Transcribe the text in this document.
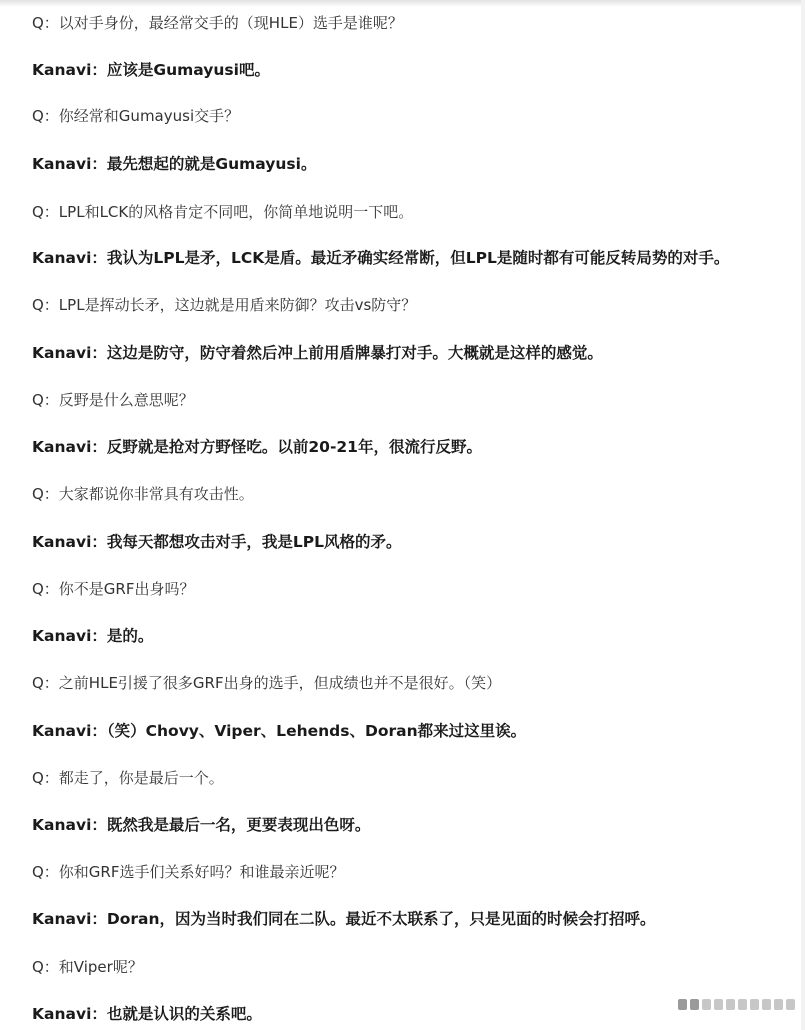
Q：以对手身份，最经常交手的（现HLE）选手是谁呢？
Kanavi：应该是Gumayusi吧。
Q：你经常和Gumayusi交手？
Kanavi：最先想起的就是Gumayusi。
Q：LPL和LCK的风格肯定不同吧，你简单地说明一下吧。
Kanavi：我认为LPL是矛，LCK是盾。最近矛确实经常断，但LPL是随时都有可能反转局势的对手。
Q：LPL是挥动长矛，这边就是用盾来防御？攻击vs防守？
Kanavi：这边是防守，防守着然后冲上前用盾牌暴打对手。大概就是这样的感觉。
Q：反野是什么意思呢？
Kanavi：反野就是抢对方野怪吃。以前20-21年，很流行反野。
Q：大家都说你非常具有攻击性。
Kanavi：我每天都想攻击对手，我是LPL风格的矛。
Q：你不是GRF出身吗？
Kanavi：是的。
Q：之前HLE引援了很多GRF出身的选手，但成绩也并不是很好。（笑）
Kanavi：（笑）Chovy、Viper、Lehends、Doran都来过这里诶。
Q：都走了，你是最后一个。
Kanavi：既然我是最后一名，更要表现出色呀。
Q：你和GRF选手们关系好吗？和谁最亲近呢？
Kanavi：Doran，因为当时我们同在二队。最近不太联系了，只是见面的时候会打招呼。
Q：和Viper呢？
Kanavi：也就是认识的关系吧。
